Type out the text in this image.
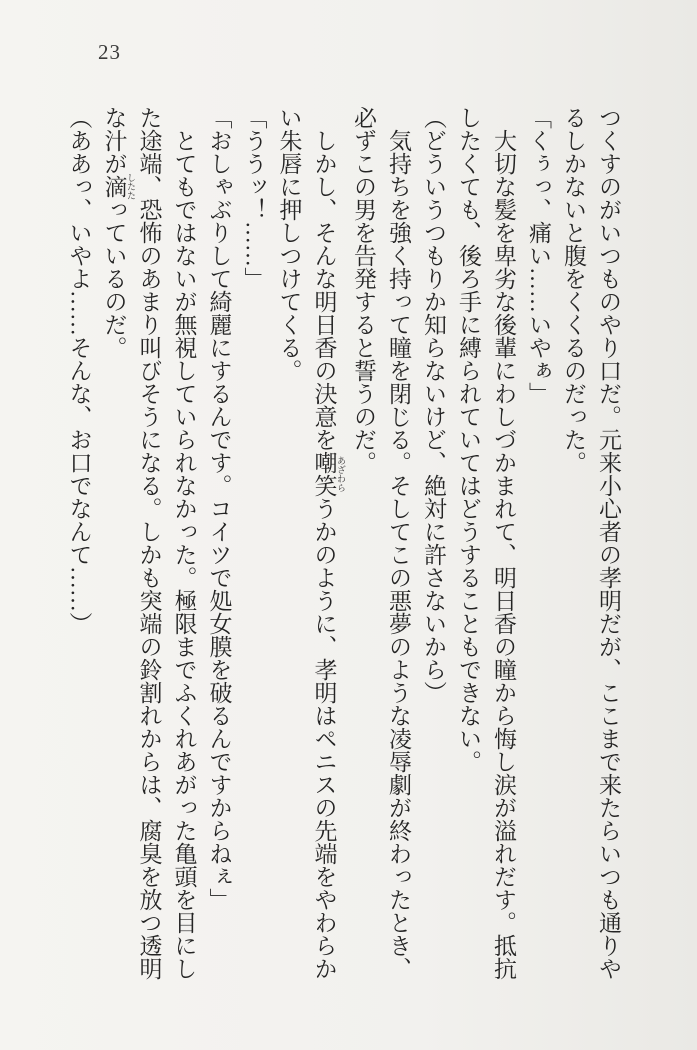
23

つくすのがいつものやり口だ。元来小心者の孝明だが、ここまで来たらいつも通りやるしかないと腹をくくるのだった。

「くぅっ、痛い……いやぁ」

大切な髪を卑劣な後輩にわしづかまれて、明日香の瞳から悔し涙が溢れだす。抵抗したくても、後ろ手に縛られていてはどうすることもできない。

（どういうつもりか知らないけど、絶対に許さないから）

気持ちを強く持って瞳を閉じる。そしてこの悪夢のような凌辱劇が終わったとき、必ずこの男を告発すると誓うのだ。

しかし、そんな明日香の決意を嘲笑 あざわらうかのように、孝明はペニスの先端をやわらかい朱唇に押しつけてくる。

「ううッ！……」

「おしゃぶりして綺麗にするんです。コイツで処女膜を破るんですからねぇ」

とてもではないが無視していられなかった。極限までふくれあがった亀頭を目にした途端、恐怖のあまり叫びそうになる。しかも突端の鈴割れからは、腐臭を放つ透明な汁が滴 したたっているのだ。

（ああっ、いやよ……そんな、お口でなんて……）
